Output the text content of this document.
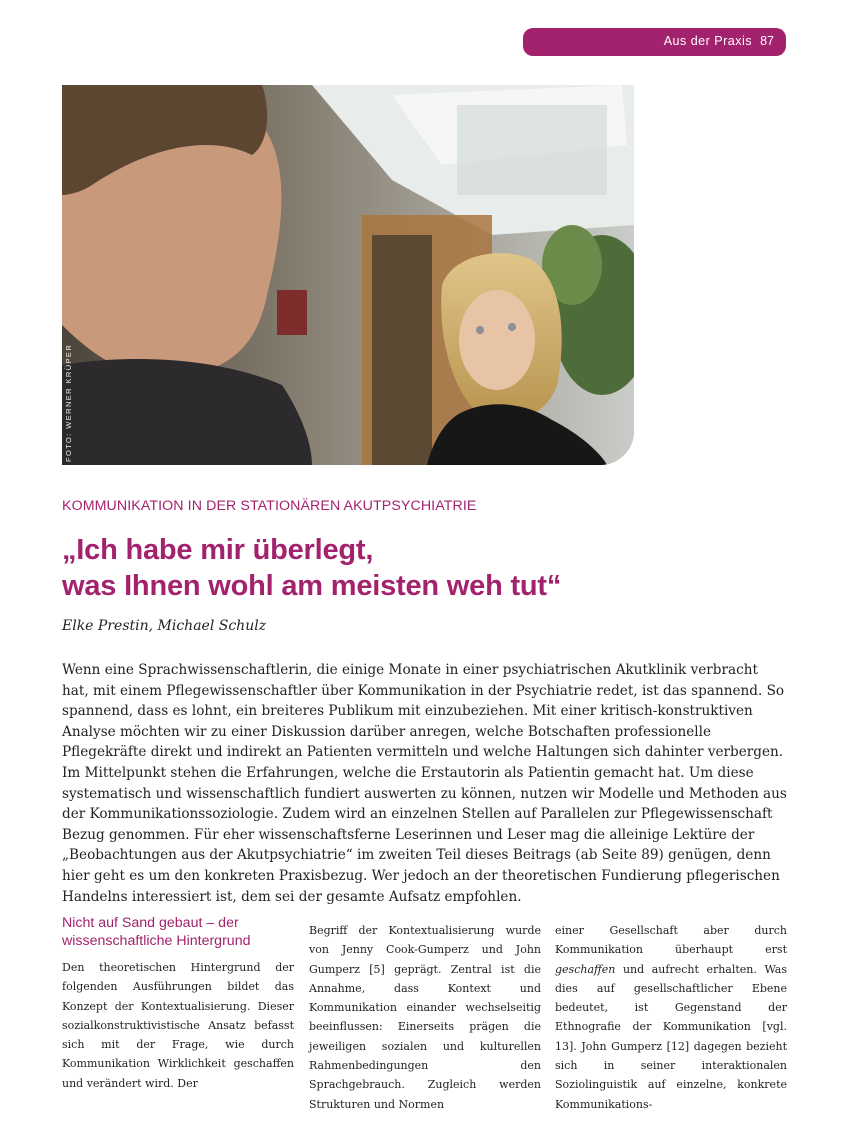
Aus der Praxis 87
FOTO: WERNER KRÜPER
KOMMUNIKATION IN DER STATIONÄREN AKUTPSYCHIATRIE
„Ich habe mir überlegt,
was Ihnen wohl am meisten weh tut“
Elke Prestin, Michael Schulz

Wenn eine Sprachwissenschaftlerin, die einige Monate in einer psychiatrischen Akutklinik verbracht hat, mit einem Pflegewissenschaftler über Kommunikation in der Psychiatrie redet, ist das spannend. So spannend, dass es lohnt, ein breiteres Publikum mit einzubeziehen. Mit einer kritisch-konstruktiven Analyse möchten wir zu einer Diskussion darüber anregen, welche Botschaften professionelle Pflegekräfte direkt und indirekt an Patienten vermitteln und welche Haltungen sich dahinter verbergen. Im Mittelpunkt stehen die Erfahrungen, welche die Erstautorin als Patientin gemacht hat. Um diese systematisch und wissenschaftlich fundiert auswerten zu können, nutzen wir Modelle und Methoden aus der Kommunikationssoziologie. Zudem wird an einzelnen Stellen auf Parallelen zur Pflegewissenschaft Bezug genommen. Für eher wissenschaftsferne Leserinnen und Leser mag die alleinige Lektüre der „Beobachtungen aus der Akutpsychiatrie“ im zweiten Teil dieses Beitrags (ab Seite 89) genügen, denn hier geht es um den konkreten Praxisbezug. Wer jedoch an der theoretischen Fundierung pflegerischen Handelns interessiert ist, dem sei der gesamte Aufsatz empfohlen.

Nicht auf Sand gebaut – der wissenschaftliche Hintergrund

Den theoretischen Hintergrund der folgenden Ausführungen bildet das Konzept der Kontextualisierung. Dieser sozialkonstruktivistische Ansatz befasst sich mit der Frage, wie durch Kommunikation Wirklichkeit geschaffen und verändert wird. Der

Begriff der Kontextualisierung wurde von Jenny Cook-Gumperz und John Gumperz [5] geprägt. Zentral ist die Annahme, dass Kontext und Kommunikation einander wechselseitig beeinflussen: Einerseits prägen die jeweiligen sozialen und kulturellen Rahmenbedingungen den Sprachgebrauch. Zugleich werden Strukturen und Normen

einer Gesellschaft aber durch Kommunikation überhaupt erst geschaffen und aufrecht erhalten. Was dies auf gesellschaftlicher Ebene bedeutet, ist Gegenstand der Ethnografie der Kommunikation [vgl. 13]. John Gumperz [12] dagegen bezieht sich in seiner interaktionalen Soziolinguistik auf einzelne, konkrete Kommunikations-
